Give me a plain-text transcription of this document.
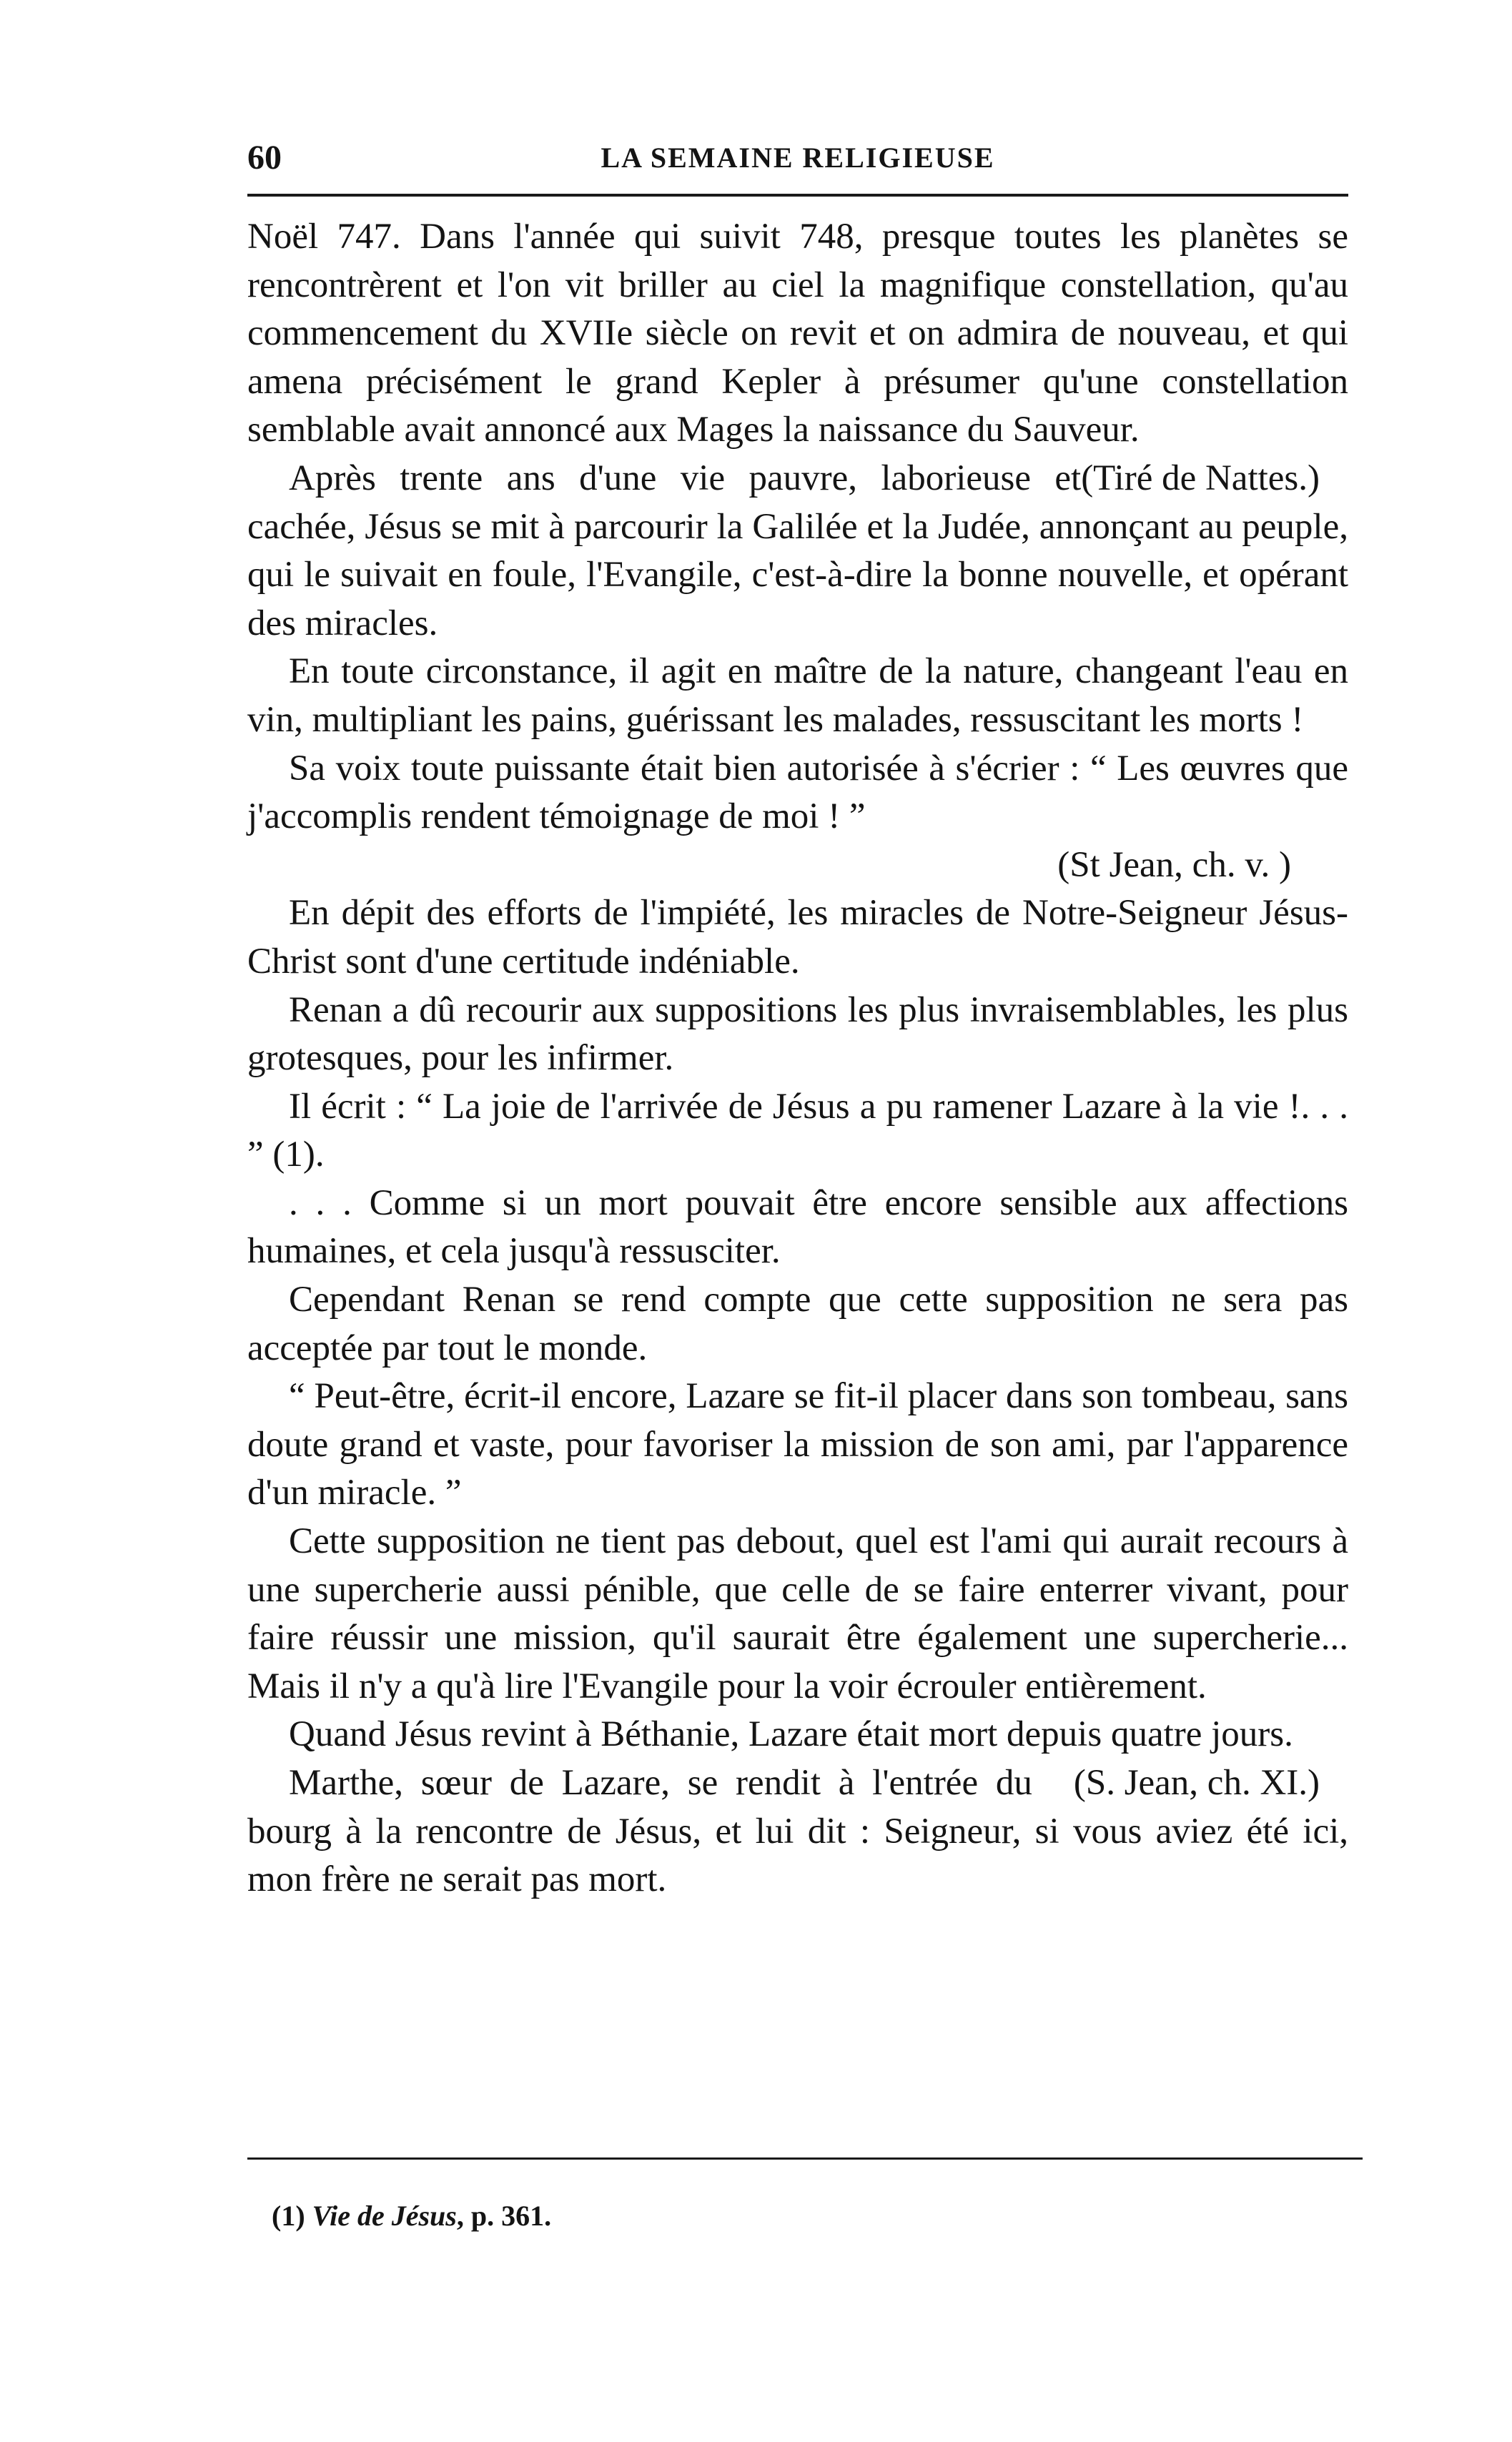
60	LA SEMAINE RELIGIEUSE

Noël 747. Dans l'année qui suivit 748, presque toutes les planètes se rencontrèrent et l'on vit briller au ciel la magnifique constellation, qu'au commencement du XVIIe siècle on revit et on admira de nouveau, et qui amena précisément le grand Kepler à présumer qu'une constellation semblable avait annoncé aux Mages la naissance du Sauveur.
(Tiré de Nattes.)

Après trente ans d'une vie pauvre, laborieuse et cachée, Jésus se mit à parcourir la Galilée et la Judée, annonçant au peuple, qui le suivait en foule, l'Evangile, c'est-à-dire la bonne nouvelle, et opérant des miracles.

En toute circonstance, il agit en maître de la nature, changeant l'eau en vin, multipliant les pains, guérissant les malades, ressuscitant les morts !

Sa voix toute puissante était bien autorisée à s'écrier : “ Les œuvres que j'accomplis rendent témoignage de moi ! ”

(St Jean, ch. v. )

En dépit des efforts de l'impiété, les miracles de Notre-Seigneur Jésus-Christ sont d'une certitude indéniable.

Renan a dû recourir aux suppositions les plus invraisemblables, les plus grotesques, pour les infirmer.

Il écrit : “ La joie de l'arrivée de Jésus a pu ramener Lazare à la vie !. . . ” (1).

. . . Comme si un mort pouvait être encore sensible aux affections humaines, et cela jusqu'à ressusciter.

Cependant Renan se rend compte que cette supposition ne sera pas acceptée par tout le monde.

“ Peut-être, écrit-il encore, Lazare se fit-il placer dans son tombeau, sans doute grand et vaste, pour favoriser la mission de son ami, par l'apparence d'un miracle. ”

Cette supposition ne tient pas debout, quel est l'ami qui aurait recours à une supercherie aussi pénible, que celle de se faire enterrer vivant, pour faire réussir une mission, qu'il saurait être également une supercherie... Mais il n'y a qu'à lire l'Evangile pour la voir écrouler entièrement.

Quand Jésus revint à Béthanie, Lazare était mort depuis quatre jours.
(S. Jean, ch. XI.)

Marthe, sœur de Lazare, se rendit à l'entrée du bourg à la rencontre de Jésus, et lui dit : Seigneur, si vous aviez été ici, mon frère ne serait pas mort.

(1) Vie de Jésus, p. 361.
